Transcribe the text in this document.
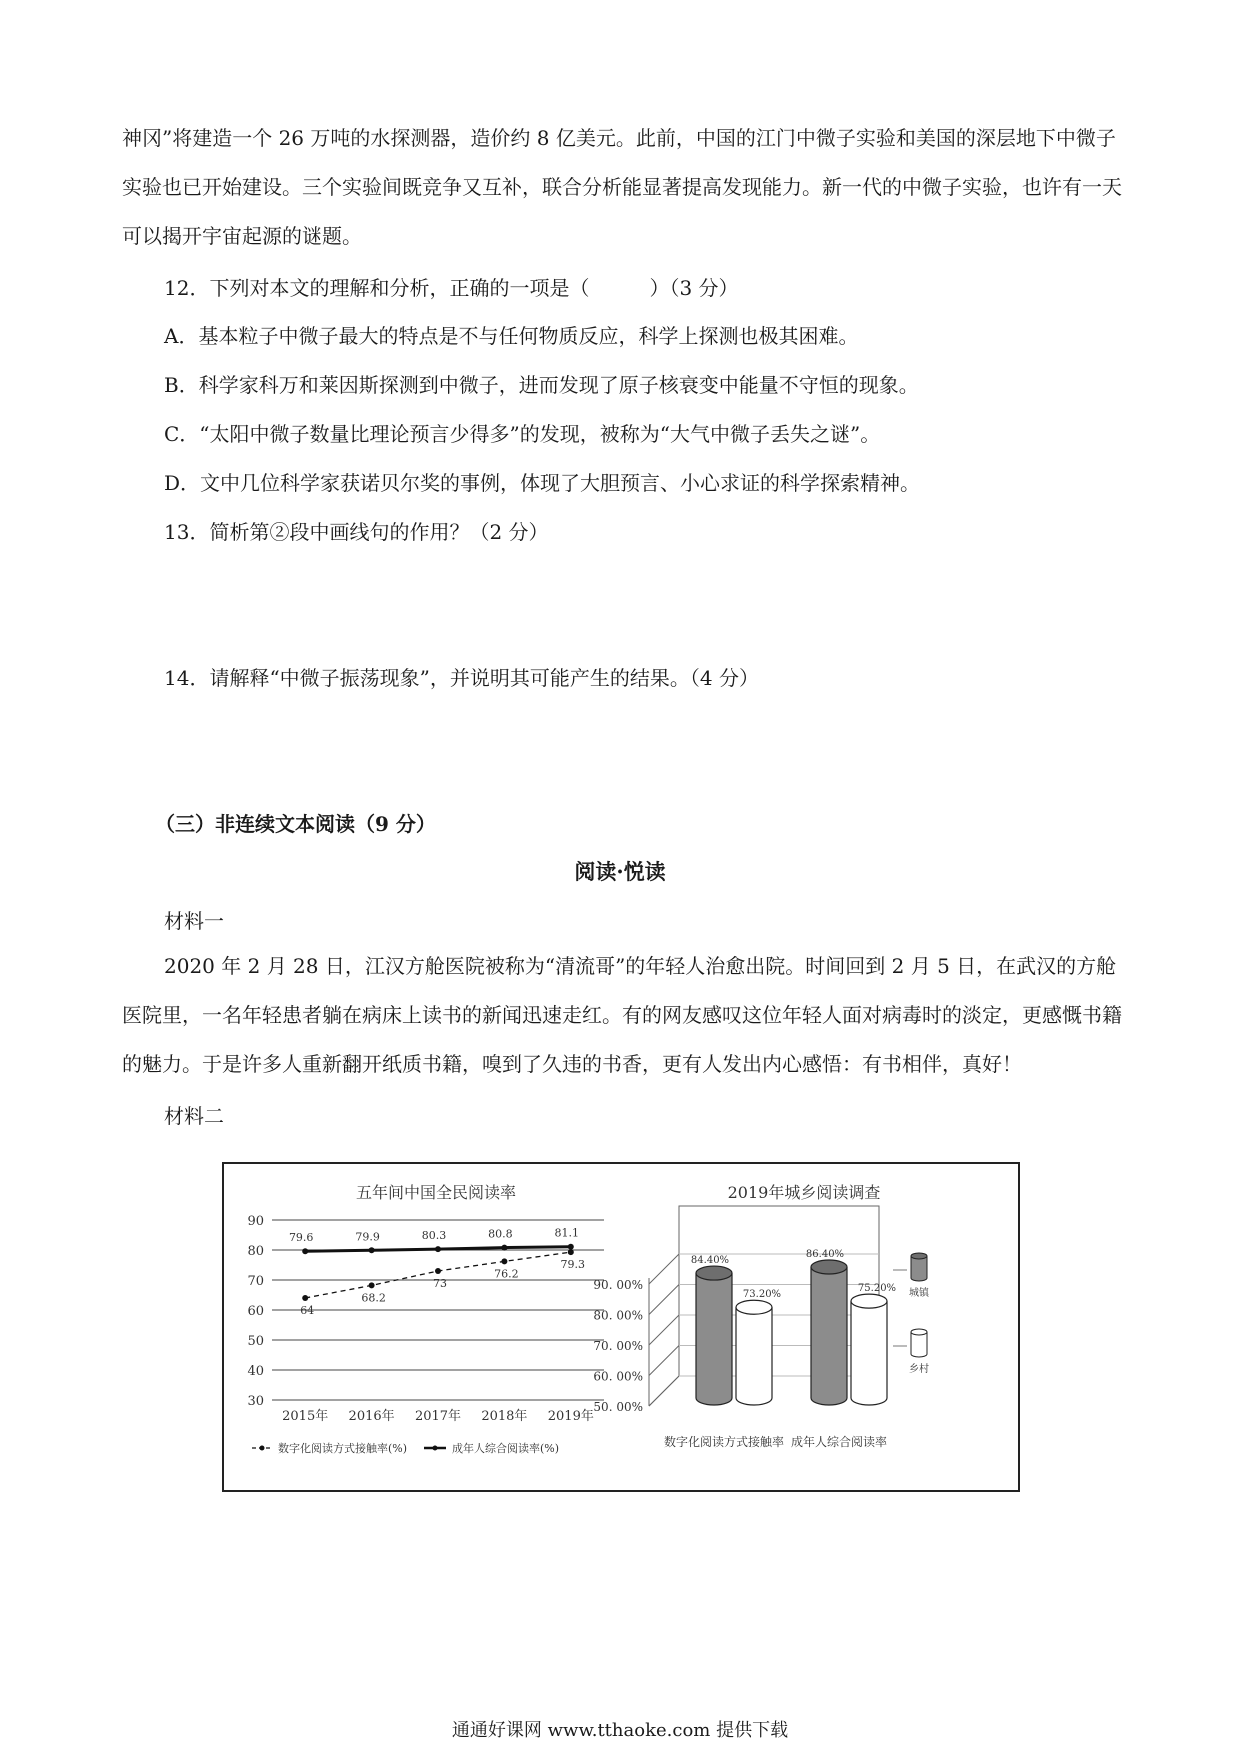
神冈”将建造一个 26 万吨的水探测器，造价约 8 亿美元。此前，中国的江门中微子实验和美国的深层地下中微子实验也已开始建设。三个实验间既竞争又互补，联合分析能显著提高发现能力。新一代的中微子实验，也许有一天可以揭开宇宙起源的谜题。

12．下列对本文的理解和分析，正确的一项是（　　　）（3 分）

A．基本粒子中微子最大的特点是不与任何物质反应，科学上探测也极其困难。

B．科学家科万和莱因斯探测到中微子，进而发现了原子核衰变中能量不守恒的现象。

C．“太阳中微子数量比理论预言少得多”的发现，被称为“大气中微子丢失之谜”。

D．文中几位科学家获诺贝尔奖的事例，体现了大胆预言、小心求证的科学探索精神。

13．简析第②段中画线句的作用？（2 分）

14．请解释“中微子振荡现象”，并说明其可能产生的结果。（4 分）

（三）非连续文本阅读（9 分）

阅读·悦读

材料一

2020 年 2 月 28 日，江汉方舱医院被称为“清流哥”的年轻人治愈出院。时间回到 2 月 5 日，在武汉的方舱医院里，一名年轻患者躺在病床上读书的新闻迅速走红。有的网友感叹这位年轻人面对病毒时的淡定，更感慨书籍的魅力。于是许多人重新翻开纸质书籍，嗅到了久违的书香，更有人发出内心感悟：有书相伴，真好！

材料二

五年间中国全民阅读率
90
80
70
60
50
40
30
2015年 2016年 2017年 2018年 2019年
64
68.2
73
76.2
79.3
79.6	79.9	80.3	80.8	81.1
数字化阅读方式接触率(%)	成年人综合阅读率(%)
2019年城乡阅读调查
90. 00%
80. 00%
70. 00%
60. 00%
50. 00%
84.40%
73.20%
数字化阅读方式接触率
86.40%
75.20%
成年人综合阅读率
城镇
乡村
通通好课网 www.tthaoke.com 提供下载
